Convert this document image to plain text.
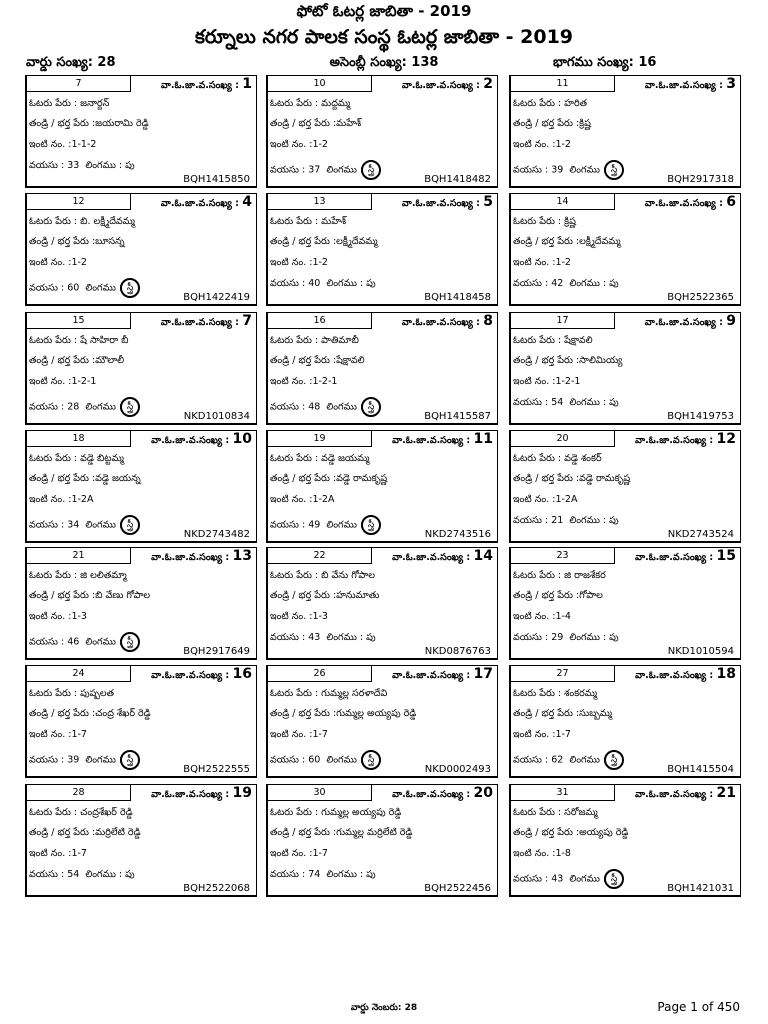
ఫోటో ఓటర్ల జాబితా - 2019
కర్నూలు నగర పాలక సంస్థ ఓటర్ల జాబితా - 2019
వార్డు సంఖ్య: 28	అసెంబ్లీ సంఖ్య: 138	భాగము సంఖ్య: 16
7	వా.ఓ.జా.వ.సంఖ్య : 1
ఓటరు పేరు : జనార్దన్
తండ్రి / భర్త పేరు :జయరామి రెడ్డి
ఇంటి నం. :1-1-2
వయసు : 33 లింగము : పు
BQH1415850
10	వా.ఓ.జా.వ.సంఖ్య : 2
ఓటరు పేరు : మద్దమ్మ
తండ్రి / భర్త పేరు :మహేశ్
ఇంటి నం. :1-2
వయసు : 37 లింగము : స్త్రీ
BQH1418482
11	వా.ఓ.జా.వ.సంఖ్య : 3
ఓటరు పేరు : హరిత
తండ్రి / భర్త పేరు :క్రిష్ణ
ఇంటి నం. :1-2
వయసు : 39 లింగము : స్త్రీ
BQH2917318
12	వా.ఓ.జా.వ.సంఖ్య : 4
ఓటరు పేరు : బి. లక్ష్మీదేవమ్మ
తండ్రి / భర్త పేరు :బూసన్న
ఇంటి నం. :1-2
వయసు : 60 లింగము : స్త్రీ
BQH1422419
13	వా.ఓ.జా.వ.సంఖ్య : 5
ఓటరు పేరు : మహేశ్
తండ్రి / భర్త పేరు :లక్ష్మీదేవమ్మ
ఇంటి నం. :1-2
వయసు : 40 లింగము : పు
BQH1418458
14	వా.ఓ.జా.వ.సంఖ్య : 6
ఓటరు పేరు : క్రిష్ణ
తండ్రి / భర్త పేరు :లక్ష్మీదేవమ్మ
ఇంటి నం. :1-2
వయసు : 42 లింగము : పు
BQH2522365
15	వా.ఓ.జా.వ.సంఖ్య : 7
ఓటరు పేరు : షే సాహిరా బీ
తండ్రి / భర్త పేరు :మౌలాలీ
ఇంటి నం. :1-2-1
వయసు : 28 లింగము : స్త్రీ
NKD1010834
16	వా.ఓ.జా.వ.సంఖ్య : 8
ఓటరు పేరు : పాతిమాబీ
తండ్రి / భర్త పేరు :షేక్షావలి
ఇంటి నం. :1-2-1
వయసు : 48 లింగము : స్త్రీ
BQH1415587
17	వా.ఓ.జా.వ.సంఖ్య : 9
ఓటరు పేరు : షేక్షావలి
తండ్రి / భర్త పేరు :సాలిమియ్య
ఇంటి నం. :1-2-1
వయసు : 54 లింగము : పు
BQH1419753
18	వా.ఓ.జా.వ.సంఖ్య : 10
ఓటరు పేరు : వడ్డె బిట్టమ్మ
తండ్రి / భర్త పేరు :వడ్డె జయన్న
ఇంటి నం. :1-2A
వయసు : 34 లింగము : స్త్రీ
NKD2743482
19	వా.ఓ.జా.వ.సంఖ్య : 11
ఓటరు పేరు : వడ్డె జయమ్మ
తండ్రి / భర్త పేరు :వడ్డె రామకృష్ణ
ఇంటి నం. :1-2A
వయసు : 49 లింగము : స్త్రీ
NKD2743516
20	వా.ఓ.జా.వ.సంఖ్య : 12
ఓటరు పేరు : వడ్డె శంకర్
తండ్రి / భర్త పేరు :వడ్డె రామకృష్ణ
ఇంటి నం. :1-2A
వయసు : 21 లింగము : పు
NKD2743524
21	వా.ఓ.జా.వ.సంఖ్య : 13
ఓటరు పేరు : జి లలితమ్మా
తండ్రి / భర్త పేరు :బి వేణు గోపాల
ఇంటి నం. :1-3
వయసు : 46 లింగము : స్త్రీ
BQH2917649
22	వా.ఓ.జా.వ.సంఖ్య : 14
ఓటరు పేరు : బి వేను గోపాల
తండ్రి / భర్త పేరు :హనుమాతు
ఇంటి నం. :1-3
వయసు : 43 లింగము : పు
NKD0876763
23	వా.ఓ.జా.వ.సంఖ్య : 15
ఓటరు పేరు : జి రాజశేకర
తండ్రి / భర్త పేరు :గోపాల
ఇంటి నం. :1-4
వయసు : 29 లింగము : పు
NKD1010594
24	వా.ఓ.జా.వ.సంఖ్య : 16
ఓటరు పేరు : పుష్పలత
తండ్రి / భర్త పేరు :చంద్ర శేఖర్ రెడ్డి
ఇంటి నం. :1-7
వయసు : 39 లింగము : స్త్రీ
BQH2522555
26	వా.ఓ.జా.వ.సంఖ్య : 17
ఓటరు పేరు : గుమ్మల్ల సరళాదేవి
తండ్రి / భర్త పేరు :గుమ్మల్ల అయ్యపు రెడ్డి
ఇంటి నం. :1-7
వయసు : 60 లింగము : స్త్రీ
NKD0002493
27	వా.ఓ.జా.వ.సంఖ్య : 18
ఓటరు పేరు : శంకరమ్మ
తండ్రి / భర్త పేరు :సుబ్బమ్మ
ఇంటి నం. :1-7
వయసు : 62 లింగము : స్త్రీ
BQH1415504
28	వా.ఓ.జా.వ.సంఖ్య : 19
ఓటరు పేరు : చంద్రశేఖర్ రెడ్డి
తండ్రి / భర్త పేరు :మర్రిలేటి రెడ్డి
ఇంటి నం. :1-7
వయసు : 54 లింగము : పు
BQH2522068
30	వా.ఓ.జా.వ.సంఖ్య : 20
ఓటరు పేరు : గుమ్మల్ల అయ్యపు రెడ్డి
తండ్రి / భర్త పేరు :గుమ్మల్ల మర్రిలేటి రెడ్డి
ఇంటి నం. :1-7
వయసు : 74 లింగము : పు
BQH2522456
31	వా.ఓ.జా.వ.సంఖ్య : 21
ఓటరు పేరు : సరోజమ్మ
తండ్రి / భర్త పేరు :అయ్యపు రెడ్డి
ఇంటి నం. :1-8
వయసు : 43 లింగము : స్త్రీ
BQH1421031
వార్డు నెంబరు: 28	Page 1 of 450
